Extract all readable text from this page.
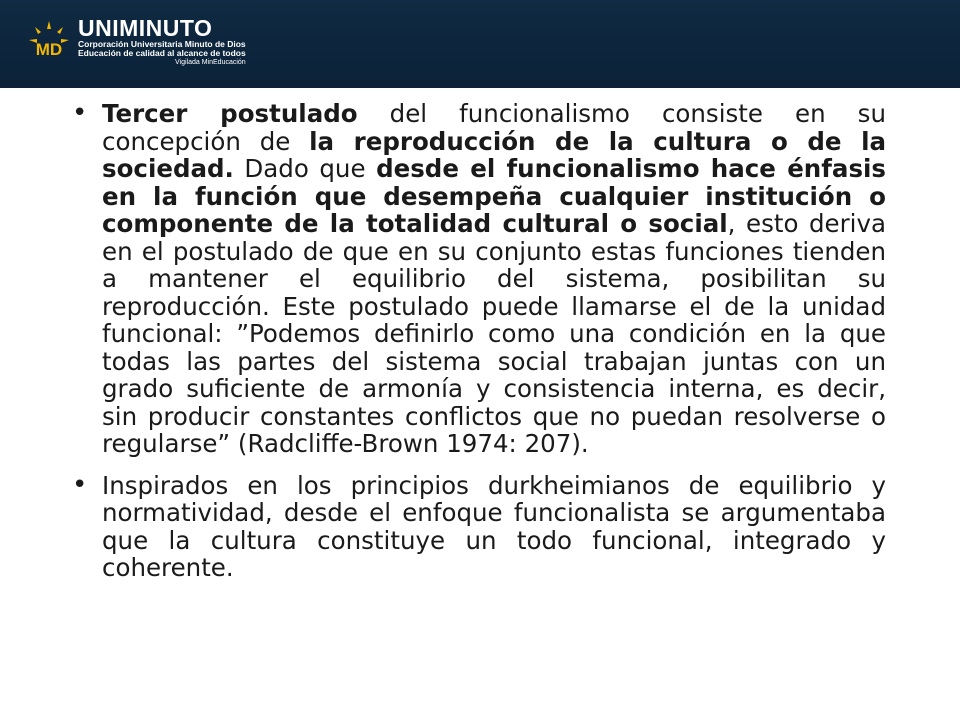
MD
UNIMINUTO
Corporación Universitaria Minuto de Dios
Educación de calidad al alcance de todos
Vigilada MinEducación

• Tercer postulado del funcionalismo consiste en su concepción de la reproducción de la cultura o de la sociedad. Dado que desde el funcionalismo hace énfasis en la función que desempeña cualquier institución o componente de la totalidad cultural o social, esto deriva en el postulado de que en su conjunto estas funciones tienden a mantener el equilibrio del sistema, posibilitan su reproducción. Este postulado puede llamarse el de la unidad funcional: ”Podemos definirlo como una condición en la que todas las partes del sistema social trabajan juntas con un grado suficiente de armonía y consistencia interna, es decir, sin producir constantes conflictos que no puedan resolverse o regularse” (Radcliffe-Brown 1974: 207).

• Inspirados en los principios durkheimianos de equilibrio y normatividad, desde el enfoque funcionalista se argumentaba que la cultura constituye un todo funcional, integrado y coherente.
